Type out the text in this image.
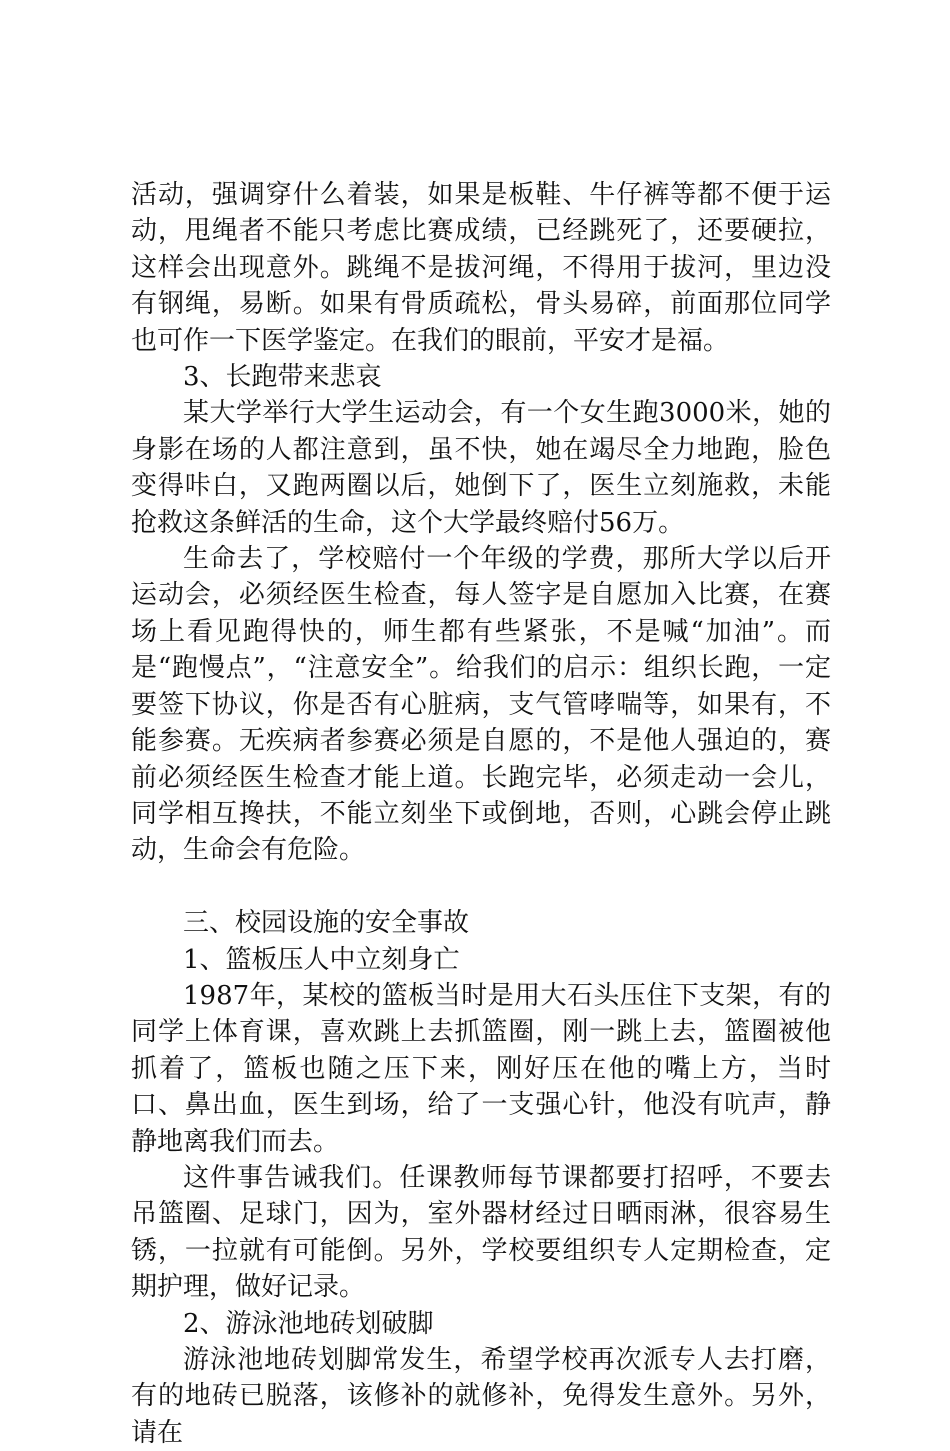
活动，强调穿什么着装，如果是板鞋、牛仔裤等都不便于运动，甩绳者不能只考虑比赛成绩，已经跳死了，还要硬拉，这样会出现意外。跳绳不是拔河绳，不得用于拔河，里边没有钢绳，易断。如果有骨质疏松，骨头易碎，前面那位同学也可作一下医学鉴定。在我们的眼前，平安才是福。

3、长跑带来悲哀

某大学举行大学生运动会，有一个女生跑3000米，她的身影在场的人都注意到，虽不快，她在竭尽全力地跑，脸色变得咔白，又跑两圈以后，她倒下了，医生立刻施救，未能抢救这条鲜活的生命，这个大学最终赔付56万。

生命去了，学校赔付一个年级的学费，那所大学以后开运动会，必须经医生检查，每人签字是自愿加入比赛，在赛场上看见跑得快的，师生都有些紧张，不是喊“加油”。而是“跑慢点”，“注意安全”。给我们的启示：组织长跑，一定要签下协议，你是否有心脏病，支气管哮喘等，如果有，不能参赛。无疾病者参赛必须是自愿的，不是他人强迫的，赛前必须经医生检查才能上道。长跑完毕，必须走动一会儿，同学相互搀扶，不能立刻坐下或倒地，否则，心跳会停止跳动，生命会有危险。

三、校园设施的安全事故

1、篮板压人中立刻身亡

1987年，某校的篮板当时是用大石头压住下支架，有的同学上体育课，喜欢跳上去抓篮圈，刚一跳上去，篮圈被他抓着了，篮板也随之压下来，刚好压在他的嘴上方，当时口、鼻出血，医生到场，给了一支强心针，他没有吭声，静静地离我们而去。

这件事告诫我们。任课教师每节课都要打招呼，不要去吊篮圈、足球门，因为，室外器材经过日晒雨淋，很容易生锈，一拉就有可能倒。另外，学校要组织专人定期检查，定期护理，做好记录。

2、游泳池地砖划破脚

游泳池地砖划脚常发生，希望学校再次派专人去打磨，有的地砖已脱落，该修补的就修补，免得发生意外。另外，请在
